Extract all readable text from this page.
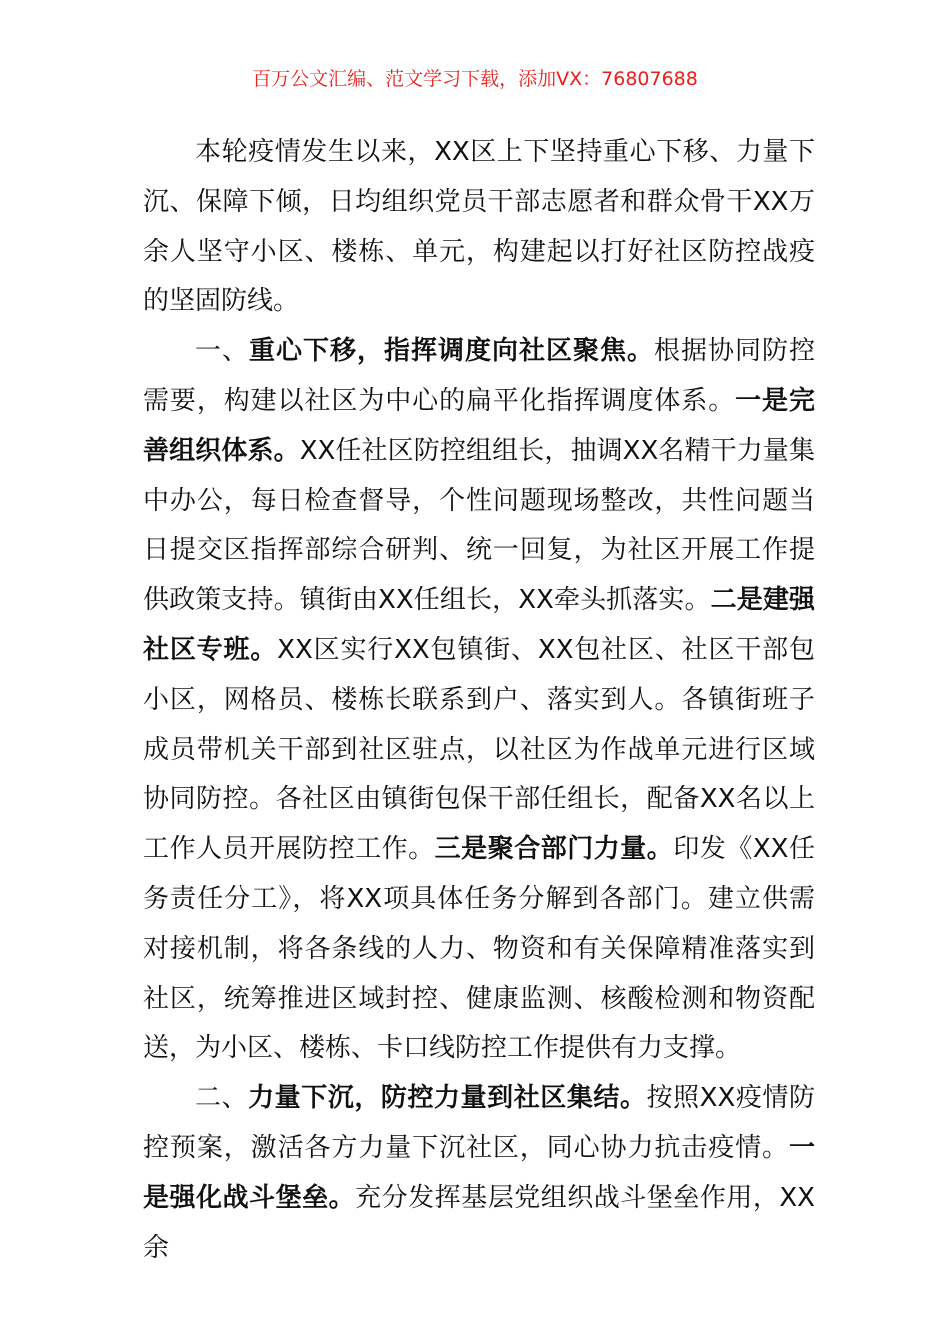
百万公文汇编、范文学习下载，添加VX：76807688

本轮疫情发生以来，XX区上下坚持重心下移、力量下沉、保障下倾，日均组织党员干部志愿者和群众骨干XX万余人坚守小区、楼栋、单元，构建起以打好社区防控战疫的坚固防线。

一、重心下移，指挥调度向社区聚焦。根据协同防控需要，构建以社区为中心的扁平化指挥调度体系。一是完善组织体系。XX任社区防控组组长，抽调XX名精干力量集中办公，每日检查督导，个性问题现场整改，共性问题当日提交区指挥部综合研判、统一回复，为社区开展工作提供政策支持。镇街由XX任组长，XX牵头抓落实。二是建强社区专班。XX区实行XX包镇街、XX包社区、社区干部包小区，网格员、楼栋长联系到户、落实到人。各镇街班子成员带机关干部到社区驻点，以社区为作战单元进行区域协同防控。各社区由镇街包保干部任组长，配备XX名以上工作人员开展防控工作。三是聚合部门力量。印发《XX任务责任分工》，将XX项具体任务分解到各部门。建立供需对接机制，将各条线的人力、物资和有关保障精准落实到社区，统筹推进区域封控、健康监测、核酸检测和物资配送，为小区、楼栋、卡口线防控工作提供有力支撑。

二、力量下沉，防控力量到社区集结。按照XX疫情防控预案，激活各方力量下沉社区，同心协力抗击疫情。一是强化战斗堡垒。充分发挥基层党组织战斗堡垒作用，XX余
